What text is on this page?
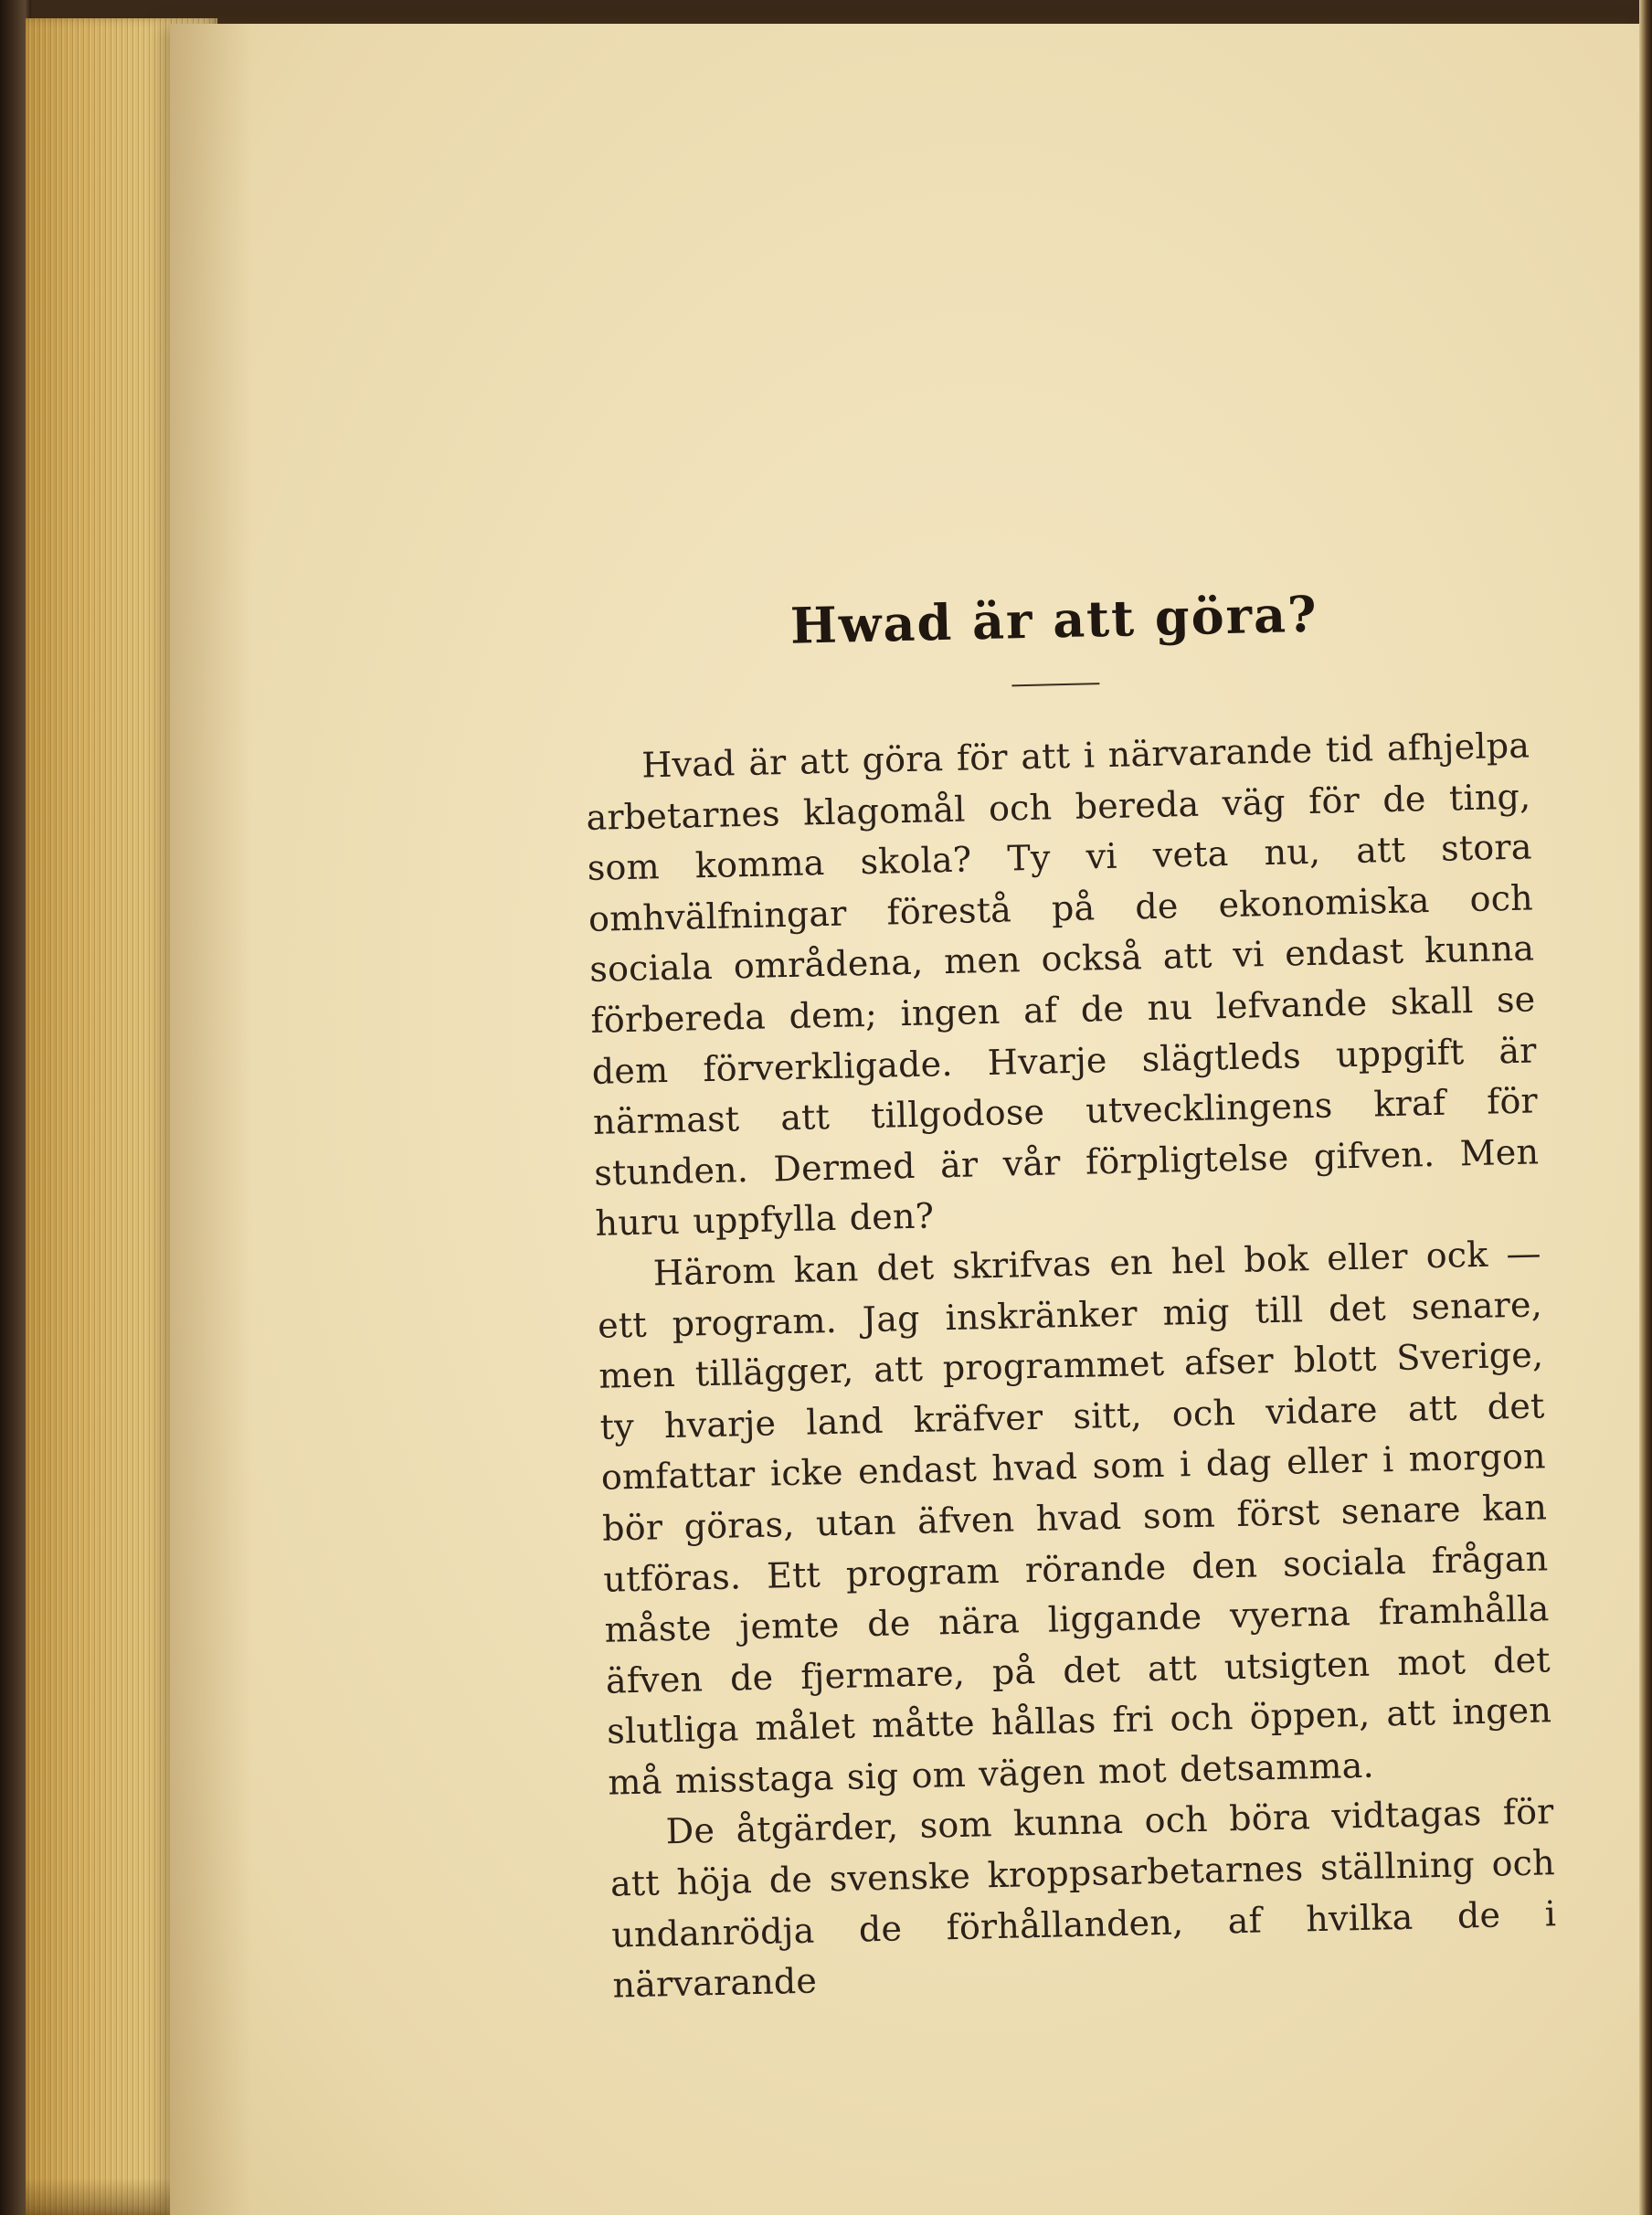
Hwad är att göra?

Hvad är att göra för att i närvarande tid afhjelpa arbetarnes klagomål och bereda väg för de ting, som komma skola? Ty vi veta nu, att stora omhvälfningar förestå på de ekonomiska och sociala områdena, men också att vi endast kunna förbereda dem; ingen af de nu lefvande skall se dem förverkligade. Hvarje slägtleds uppgift är närmast att tillgodose utvecklingens kraf för stunden. Dermed är vår förpligtelse gifven. Men huru uppfylla den?

Härom kan det skrifvas en hel bok eller ock — ett program. Jag inskränker mig till det senare, men tillägger, att programmet afser blott Sverige, ty hvarje land kräfver sitt, och vidare att det omfattar icke endast hvad som i dag eller i morgon bör göras, utan äfven hvad som först senare kan utföras. Ett program rörande den sociala frågan måste jemte de nära liggande vyerna framhålla äfven de fjermare, på det att utsigten mot det slutliga målet måtte hållas fri och öppen, att ingen må misstaga sig om vägen mot detsamma.

De åtgärder, som kunna och böra vidtagas för att höja de svenske kroppsarbetarnes ställning och undanrödja de förhållanden, af hvilka de i närvarande
